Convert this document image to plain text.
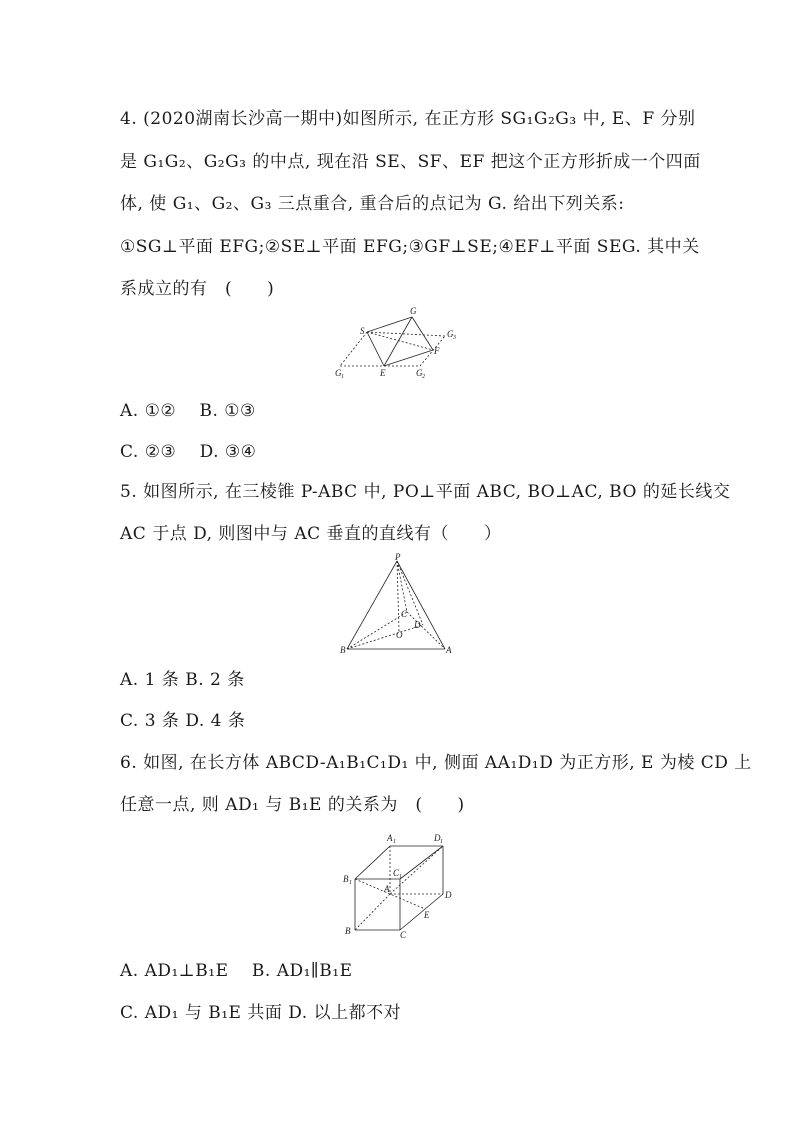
4. (2020湖南长沙高一期中)如图所示, 在正方形 SG₁G₂G₃ 中, E、F 分别
是 G₁G₂、G₂G₃ 的中点, 现在沿 SE、SF、EF 把这个正方形折成一个四面
体, 使 G₁、G₂、G₃ 三点重合, 重合后的点记为 G. 给出下列关系:
①SG⊥平面 EFG;②SE⊥平面 EFG;③GF⊥SE;④EF⊥平面 SEG. 其中关
系成立的有　(　　)
S
G
G 3
F
E
G 1	G 2
A. ①②　 B. ①③
C. ②③　 D. ③④
5. 如图所示, 在三棱锥 P-ABC 中, PO⊥平面 ABC, BO⊥AC, BO 的延长线交
AC 于点 D, 则图中与 AC 垂直的直线有（　　）
P
C
D
O
B	A
A. 1 条 B. 2 条
C. 3 条 D. 4 条
6. 如图, 在长方体 ABCD-A₁B₁C₁D₁ 中, 侧面 AA₁D₁D 为正方形, E 为棱 CD 上
任意一点, 则 AD₁ 与 B₁E 的关系为　(　　)
A 1	D 1
B 1
C 1
A
D
E
B	C
A. AD₁⊥B₁E　 B. AD₁∥B₁E
C. AD₁ 与 B₁E 共面 D. 以上都不对
